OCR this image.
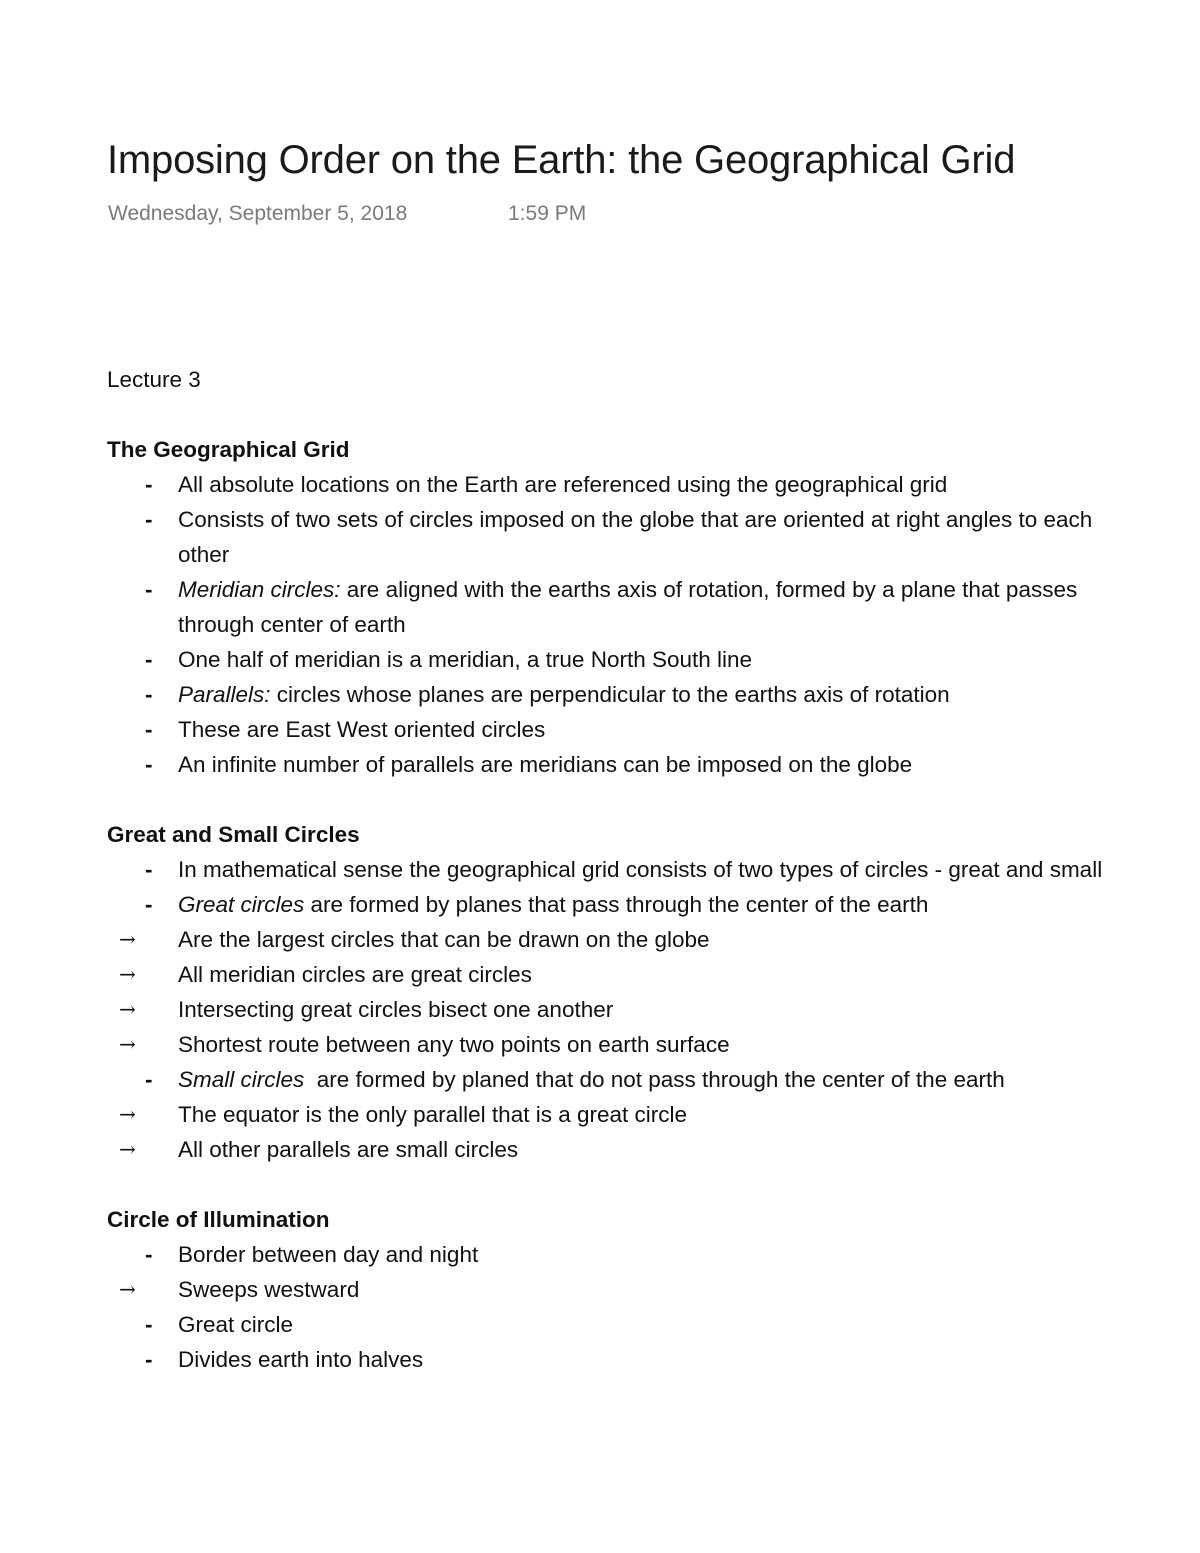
Imposing Order on the Earth: the Geographical Grid
Wednesday, September 5, 2018	1:59 PM
Lecture 3
The Geographical Grid
-	All absolute locations on the Earth are referenced using the geographical grid
-	Consists of two sets of circles imposed on the globe that are oriented at right angles to each other
-	Meridian circles: are aligned with the earths axis of rotation, formed by a plane that passes through center of earth
-	One half of meridian is a meridian, a true North South line
-	Parallels: circles whose planes are perpendicular to the earths axis of rotation
-	These are East West oriented circles
-	An infinite number of parallels are meridians can be imposed on the globe
Great and Small Circles
-	In mathematical sense the geographical grid consists of two types of circles - great and small
-	Great circles are formed by planes that pass through the center of the earth
→	Are the largest circles that can be drawn on the globe
→	All meridian circles are great circles
→	Intersecting great circles bisect one another
→	Shortest route between any two points on earth surface
-	Small circles  are formed by planed that do not pass through the center of the earth
→	The equator is the only parallel that is a great circle
→	All other parallels are small circles
Circle of Illumination
-	Border between day and night
→	Sweeps westward
-	Great circle
-	Divides earth into halves
